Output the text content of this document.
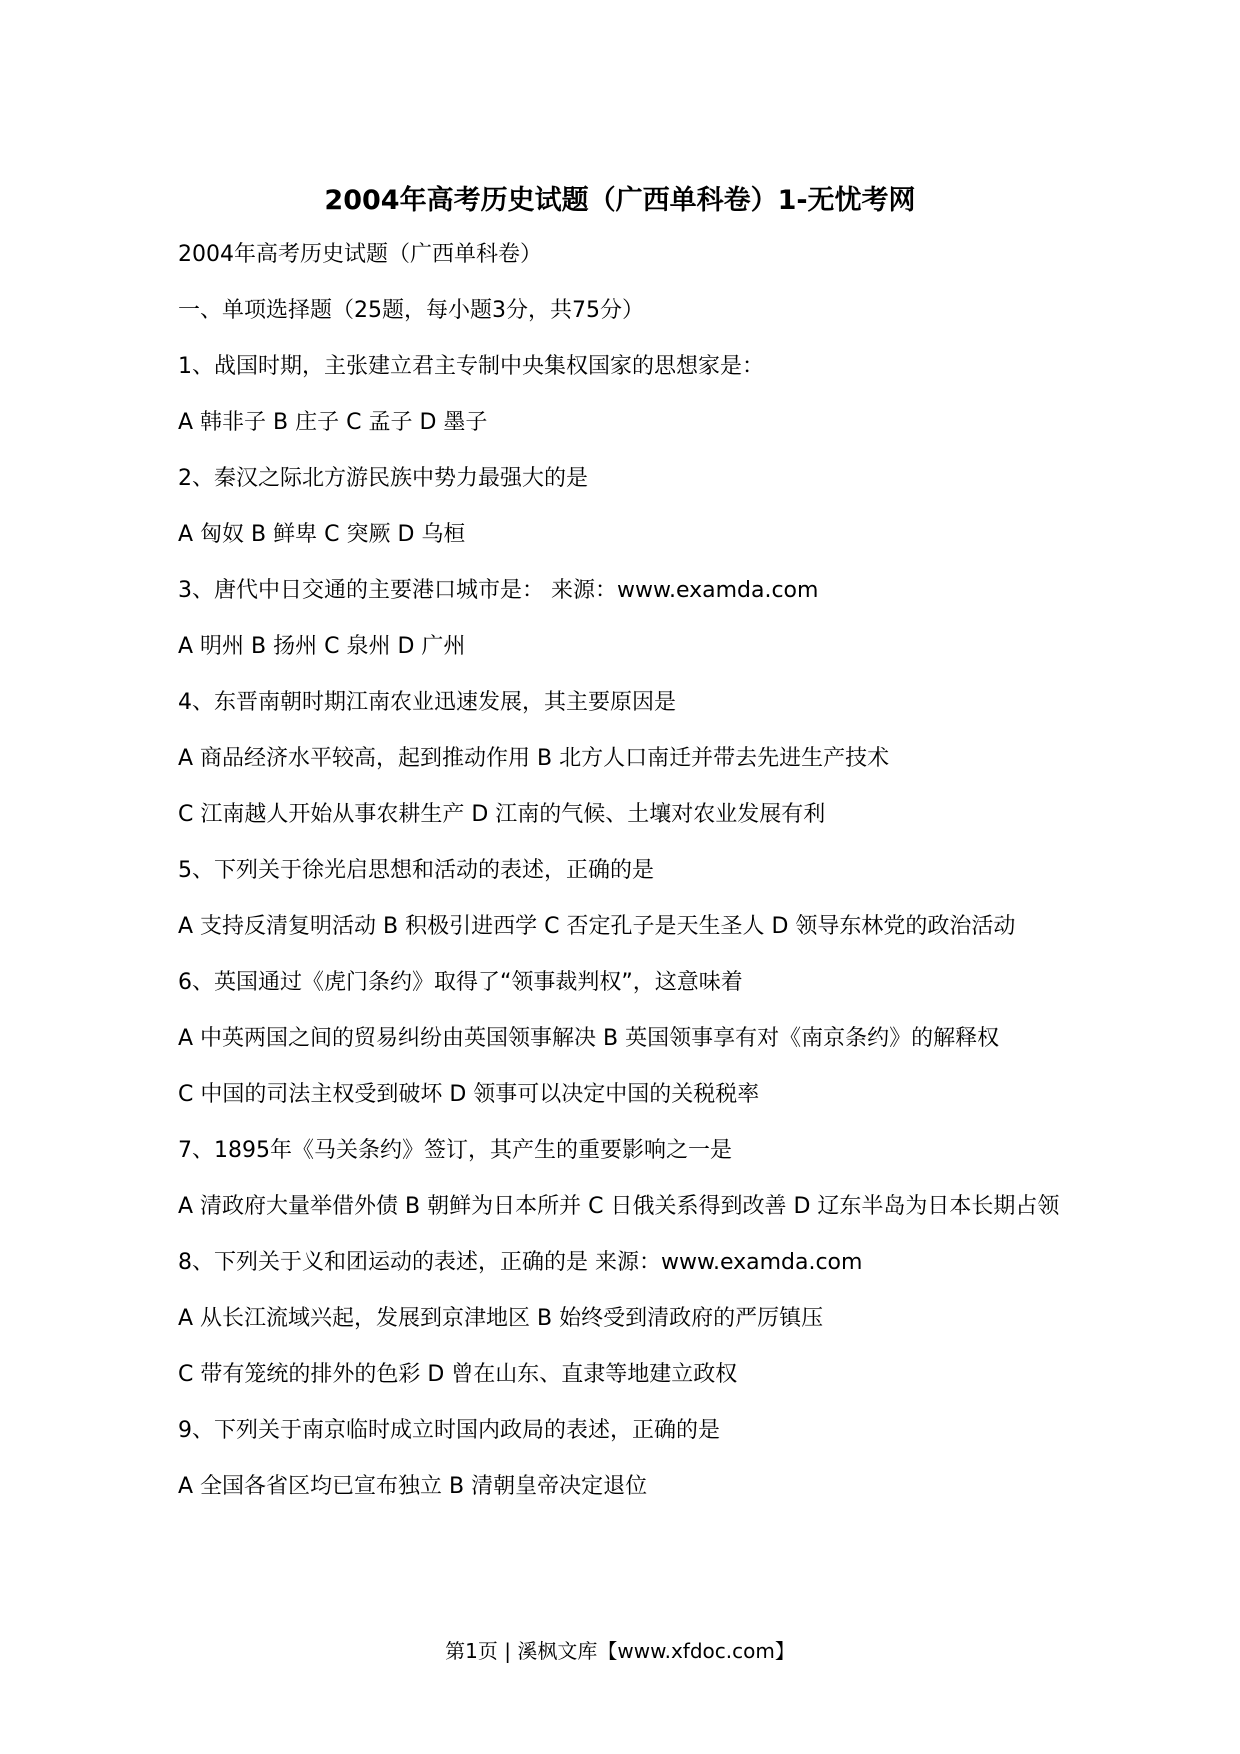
2004年高考历史试题（广西单科卷）1-无忧考网

2004年高考历史试题（广西单科卷）

一、单项选择题（25题，每小题3分，共75分）

1、战国时期，主张建立君主专制中央集权国家的思想家是：

A 韩非子 B 庄子 C 孟子 D 墨子

2、秦汉之际北方游民族中势力最强大的是

A 匈奴 B 鲜卑 C 突厥 D 乌桓

3、唐代中日交通的主要港口城市是： 来源：www.examda.com

A 明州 B 扬州 C 泉州 D 广州

4、东晋南朝时期江南农业迅速发展，其主要原因是

A 商品经济水平较高，起到推动作用 B 北方人口南迁并带去先进生产技术

C 江南越人开始从事农耕生产 D 江南的气候、土壤对农业发展有利

5、下列关于徐光启思想和活动的表述，正确的是

A 支持反清复明活动 B 积极引进西学 C 否定孔子是天生圣人 D 领导东林党的政治活动

6、英国通过《虎门条约》取得了“领事裁判权”，这意味着

A 中英两国之间的贸易纠纷由英国领事解决 B 英国领事享有对《南京条约》的解释权

C 中国的司法主权受到破坏 D 领事可以决定中国的关税税率

7、1895年《马关条约》签订，其产生的重要影响之一是

A 清政府大量举借外债 B 朝鲜为日本所并 C 日俄关系得到改善 D 辽东半岛为日本长期占领

8、下列关于义和团运动的表述，正确的是 来源：www.examda.com

A 从长江流域兴起，发展到京津地区 B 始终受到清政府的严厉镇压

C 带有笼统的排外的色彩 D 曾在山东、直隶等地建立政权

9、下列关于南京临时成立时国内政局的表述，正确的是

A 全国各省区均已宣布独立 B 清朝皇帝决定退位

第1页 | 溪枫文库【www.xfdoc.com】
